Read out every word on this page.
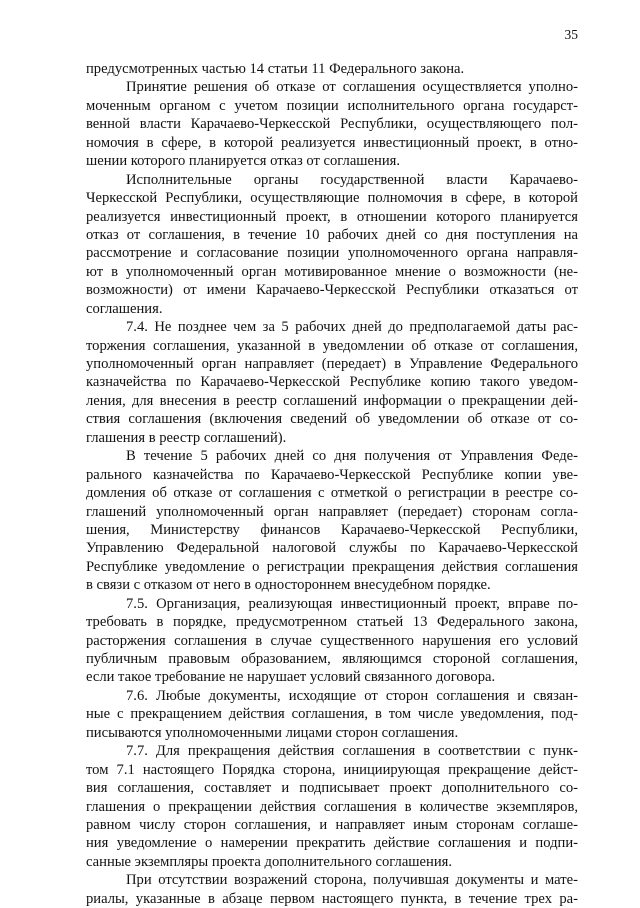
35
предусмотренных частью 14 статьи 11 Федерального закона.
Принятие решения об отказе от соглашения осуществляется уполно-
моченным органом с учетом позиции исполнительного органа государст-
венной власти Карачаево-Черкесской Республики, осуществляющего пол-
номочия в сфере, в которой реализуется инвестиционный проект, в отно-
шении которого планируется отказ от соглашения.
Исполнительные органы государственной власти Карачаево-
Черкесской Республики, осуществляющие полномочия в сфере, в которой
реализуется инвестиционный проект, в отношении которого планируется
отказ от соглашения, в течение 10 рабочих дней со дня поступления на
рассмотрение и согласование позиции уполномоченного органа направля-
ют в уполномоченный орган мотивированное мнение о возможности (не-
возможности) от имени Карачаево-Черкесской Республики отказаться от
соглашения.
7.4. Не позднее чем за 5 рабочих дней до предполагаемой даты рас-
торжения соглашения, указанной в уведомлении об отказе от соглашения,
уполномоченный орган направляет (передает) в Управление Федерального
казначейства по Карачаево-Черкесской Республике копию такого уведом-
ления, для внесения в реестр соглашений информации о прекращении дей-
ствия соглашения (включения сведений об уведомлении об отказе от со-
глашения в реестр соглашений).
В течение 5 рабочих дней со дня получения от Управления Феде-
рального казначейства по Карачаево-Черкесской Республике копии уве-
домления об отказе от соглашения с отметкой о регистрации в реестре со-
глашений уполномоченный орган направляет (передает) сторонам согла-
шения, Министерству финансов Карачаево-Черкесской Республики,
Управлению Федеральной налоговой службы по Карачаево-Черкесской
Республике уведомление о регистрации прекращения действия соглашения
в связи с отказом от него в одностороннем внесудебном порядке.
7.5. Организация, реализующая инвестиционный проект, вправе по-
требовать в порядке, предусмотренном статьей 13 Федерального закона,
расторжения соглашения в случае существенного нарушения его условий
публичным правовым образованием, являющимся стороной соглашения,
если такое требование не нарушает условий связанного договора.
7.6. Любые документы, исходящие от сторон соглашения и связан-
ные с прекращением действия соглашения, в том числе уведомления, под-
писываются уполномоченными лицами сторон соглашения.
7.7. Для прекращения действия соглашения в соответствии с пунк-
том 7.1 настоящего Порядка сторона, инициирующая прекращение дейст-
вия соглашения, составляет и подписывает проект дополнительного со-
глашения о прекращении действия соглашения в количестве экземпляров,
равном числу сторон соглашения, и направляет иным сторонам соглаше-
ния уведомление о намерении прекратить действие соглашения и подпи-
санные экземпляры проекта дополнительного соглашения.
При отсутствии возражений сторона, получившая документы и мате-
риалы, указанные в абзаце первом настоящего пункта, в течение трех ра-
